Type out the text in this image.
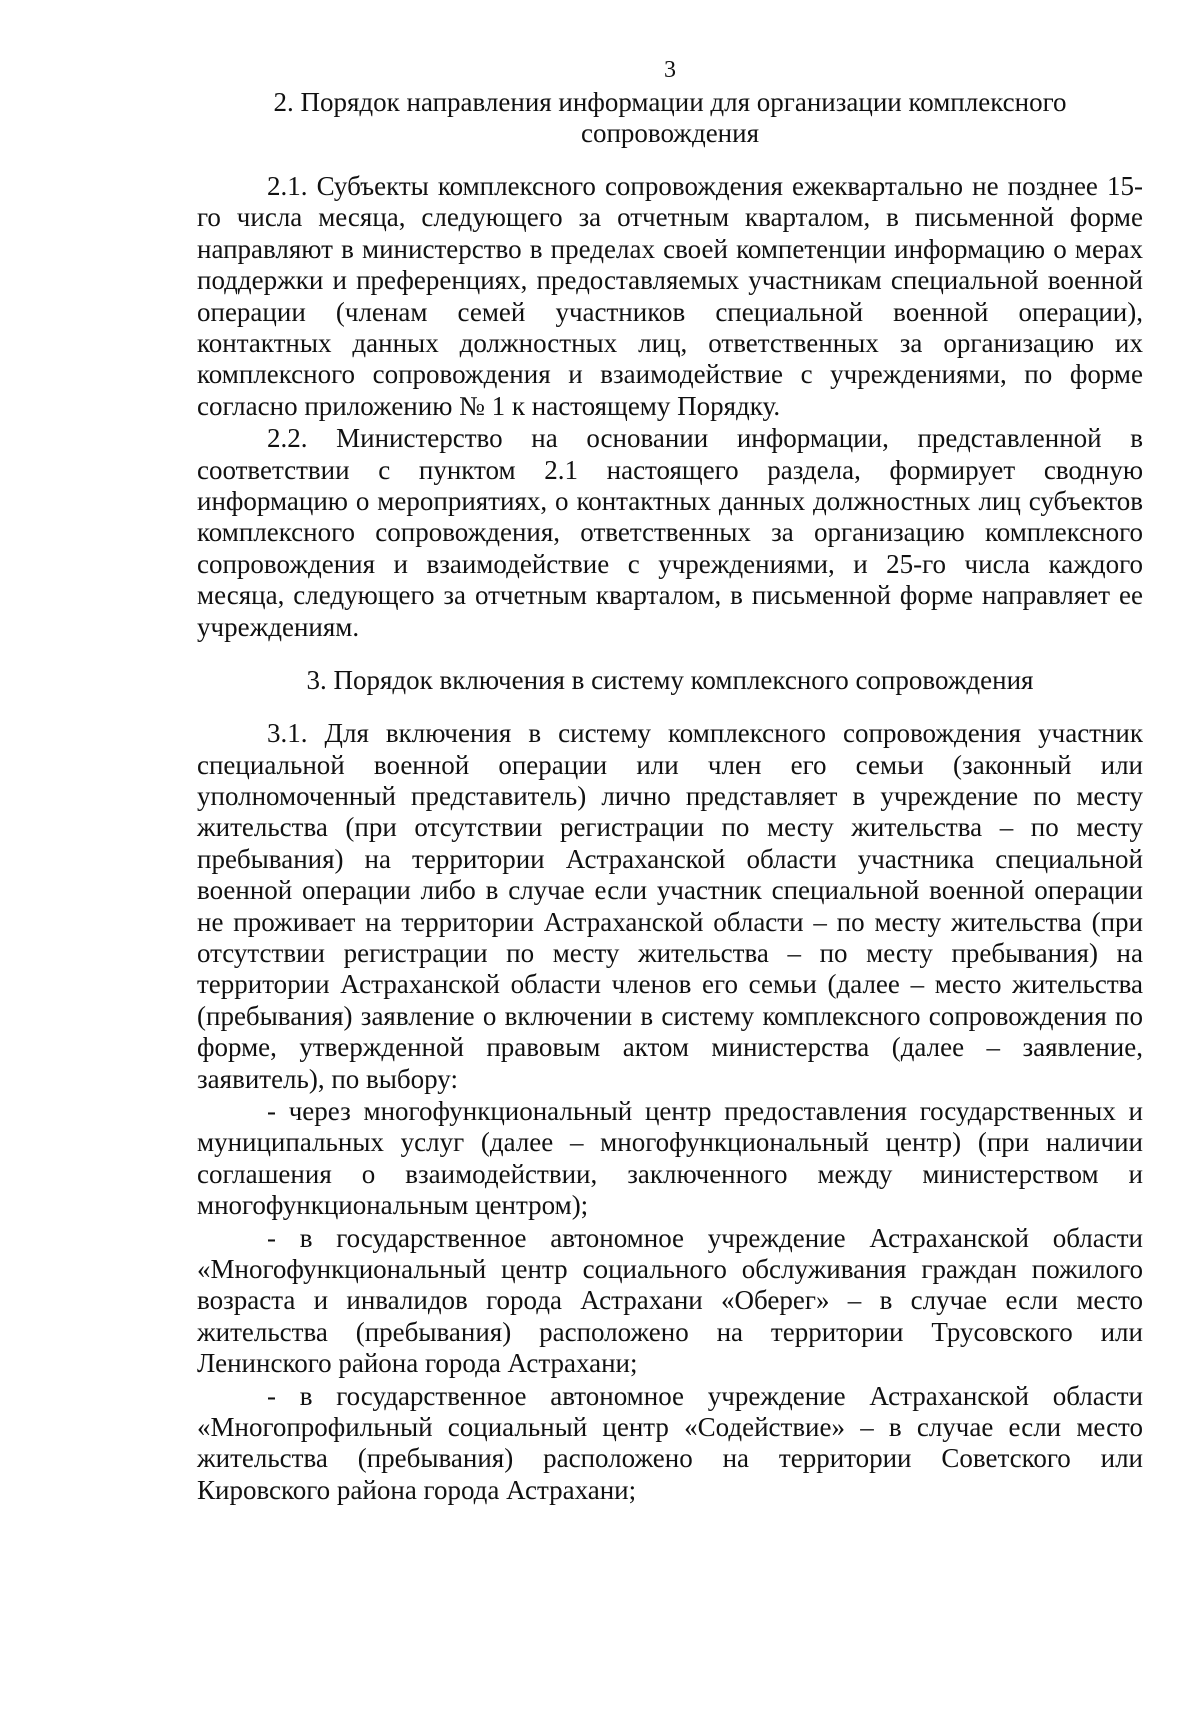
3
2. Порядок направления информации для организации комплексного сопровождения

2.1. Субъекты комплексного сопровождения ежеквартально не позднее 15-го числа месяца, следующего за отчетным кварталом, в письменной форме направляют в министерство в пределах своей компетенции информацию о мерах поддержки и преференциях, предоставляемых участникам специальной военной операции (членам семей участников специальной военной операции), контактных данных должностных лиц, ответственных за организацию их комплексного сопровождения и взаимодействие с учреждениями, по форме согласно приложению № 1 к настоящему Порядку.

2.2. Министерство на основании информации, представленной в соответствии с пунктом 2.1 настоящего раздела, формирует сводную информацию о мероприятиях, о контактных данных должностных лиц субъектов комплексного сопровождения, ответственных за организацию комплексного сопровождения и взаимодействие с учреждениями, и 25-го числа каждого месяца, следующего за отчетным кварталом, в письменной форме направляет ее учреждениям.

3. Порядок включения в систему комплексного сопровождения

3.1. Для включения в систему комплексного сопровождения участник специальной военной операции или член его семьи (законный или уполномоченный представитель) лично представляет в учреждение по месту жительства (при отсутствии регистрации по месту жительства – по месту пребывания) на территории Астраханской области участника специальной военной операции либо в случае если участник специальной военной операции не проживает на территории Астраханской области – по месту жительства (при отсутствии регистрации по месту жительства – по месту пребывания) на территории Астраханской области членов его семьи (далее – место жительства (пребывания) заявление о включении в систему комплексного сопровождения по форме, утвержденной правовым актом министерства (далее – заявление, заявитель), по выбору:

- через многофункциональный центр предоставления государственных и муниципальных услуг (далее – многофункциональный центр) (при наличии соглашения о взаимодействии, заключенного между министерством и многофункциональным центром);

- в государственное автономное учреждение Астраханской области «Многофункциональный центр социального обслуживания граждан пожилого возраста и инвалидов города Астрахани «Оберег» – в случае если место жительства (пребывания) расположено на территории Трусовского или Ленинского района города Астрахани;

- в государственное автономное учреждение Астраханской области «Многопрофильный социальный центр «Содействие» – в случае если место жительства (пребывания) расположено на территории Советского или Кировского района города Астрахани;
